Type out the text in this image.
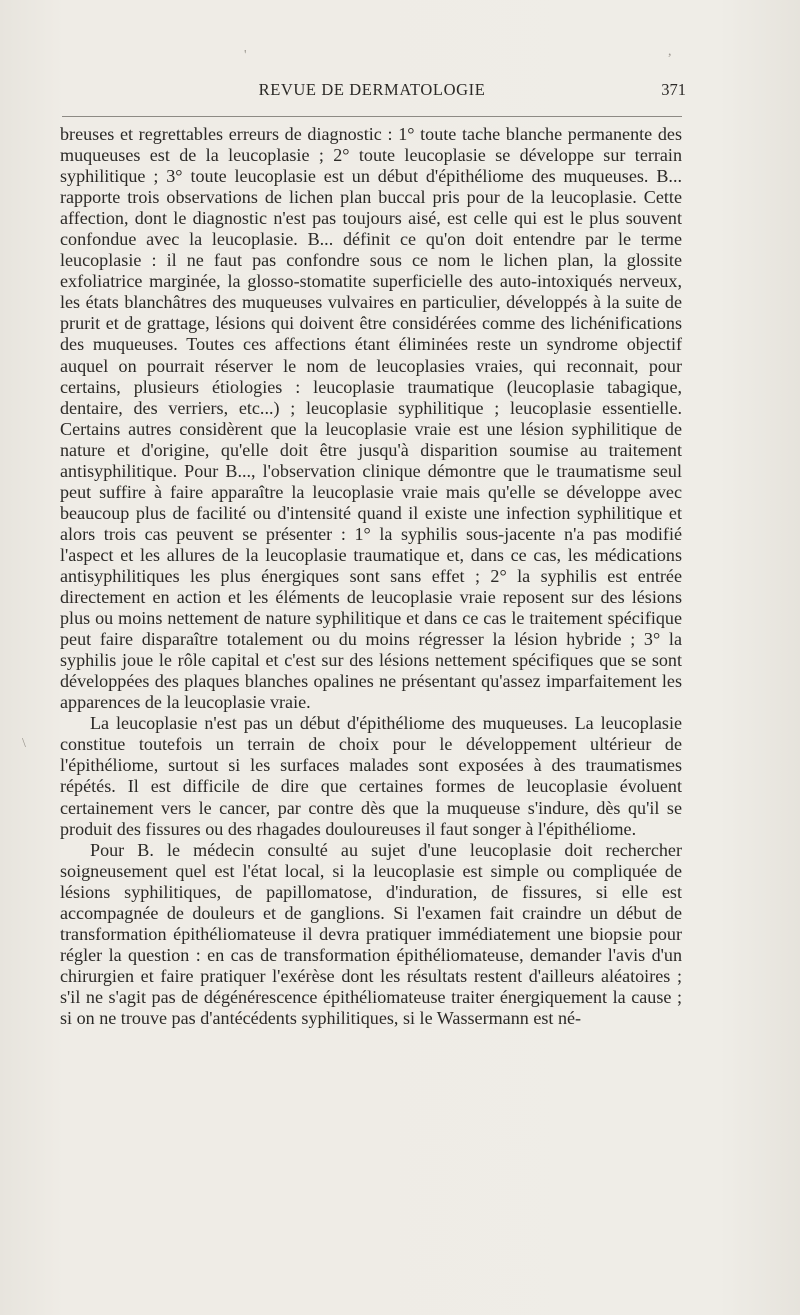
'	,
\
REVUE DE DERMATOLOGIE	371

breuses et regrettables erreurs de diagnostic : 1° toute tache blanche permanente des muqueuses est de la leucoplasie ; 2° toute leucoplasie se développe sur terrain syphilitique ; 3° toute leucoplasie est un début d'épithéliome des muqueuses. B... rapporte trois observations de lichen plan buccal pris pour de la leucoplasie. Cette affection, dont le diagnostic n'est pas toujours aisé, est celle qui est le plus souvent confondue avec la leucoplasie. B... définit ce qu'on doit entendre par le terme leucoplasie : il ne faut pas confondre sous ce nom le lichen plan, la glossite exfoliatrice marginée, la glosso-stomatite superficielle des auto-intoxiqués nerveux, les états blanchâtres des muqueuses vulvaires en particulier, développés à la suite de prurit et de grattage, lésions qui doivent être considérées comme des lichénifications des muqueuses. Toutes ces affections étant éliminées reste un syndrome objectif auquel on pourrait réserver le nom de leucoplasies vraies, qui reconnait, pour certains, plusieurs étiologies : leucoplasie traumatique (leucoplasie tabagique, dentaire, des verriers, etc...) ; leucoplasie syphilitique ; leucoplasie essentielle. Certains autres considèrent que la leucoplasie vraie est une lésion syphilitique de nature et d'origine, qu'elle doit être jusqu'à disparition soumise au traitement antisyphilitique. Pour B..., l'observation clinique démontre que le traumatisme seul peut suffire à faire apparaître la leucoplasie vraie mais qu'elle se développe avec beaucoup plus de facilité ou d'intensité quand il existe une infection syphilitique et alors trois cas peuvent se présenter : 1° la syphilis sous-jacente n'a pas modifié l'aspect et les allures de la leucoplasie traumatique et, dans ce cas, les médications antisyphilitiques les plus énergiques sont sans effet ; 2° la syphilis est entrée directement en action et les éléments de leucoplasie vraie reposent sur des lésions plus ou moins nettement de nature syphilitique et dans ce cas le traitement spécifique peut faire disparaître totalement ou du moins régresser la lésion hybride ; 3° la syphilis joue le rôle capital et c'est sur des lésions nettement spécifiques que se sont développées des plaques blanches opalines ne présentant qu'assez imparfaitement les apparences de la leucoplasie vraie.

La leucoplasie n'est pas un début d'épithéliome des muqueuses. La leucoplasie constitue toutefois un terrain de choix pour le développement ultérieur de l'épithéliome, surtout si les surfaces malades sont exposées à des traumatismes répétés. Il est difficile de dire que certaines formes de leucoplasie évoluent certainement vers le cancer, par contre dès que la muqueuse s'indure, dès qu'il se produit des fissures ou des rhagades douloureuses il faut songer à l'épithéliome.

Pour B. le médecin consulté au sujet d'une leucoplasie doit rechercher soigneusement quel est l'état local, si la leucoplasie est simple ou compliquée de lésions syphilitiques, de papillomatose, d'induration, de fissures, si elle est accompagnée de douleurs et de ganglions. Si l'examen fait craindre un début de transformation épithéliomateuse il devra pratiquer immédiatement une biopsie pour régler la question : en cas de transformation épithéliomateuse, demander l'avis d'un chirurgien et faire pratiquer l'exérèse dont les résultats restent d'ailleurs aléatoires ; s'il ne s'agit pas de dégénérescence épithéliomateuse traiter énergiquement la cause ; si on ne trouve pas d'antécédents syphilitiques, si le Wassermann est né-
